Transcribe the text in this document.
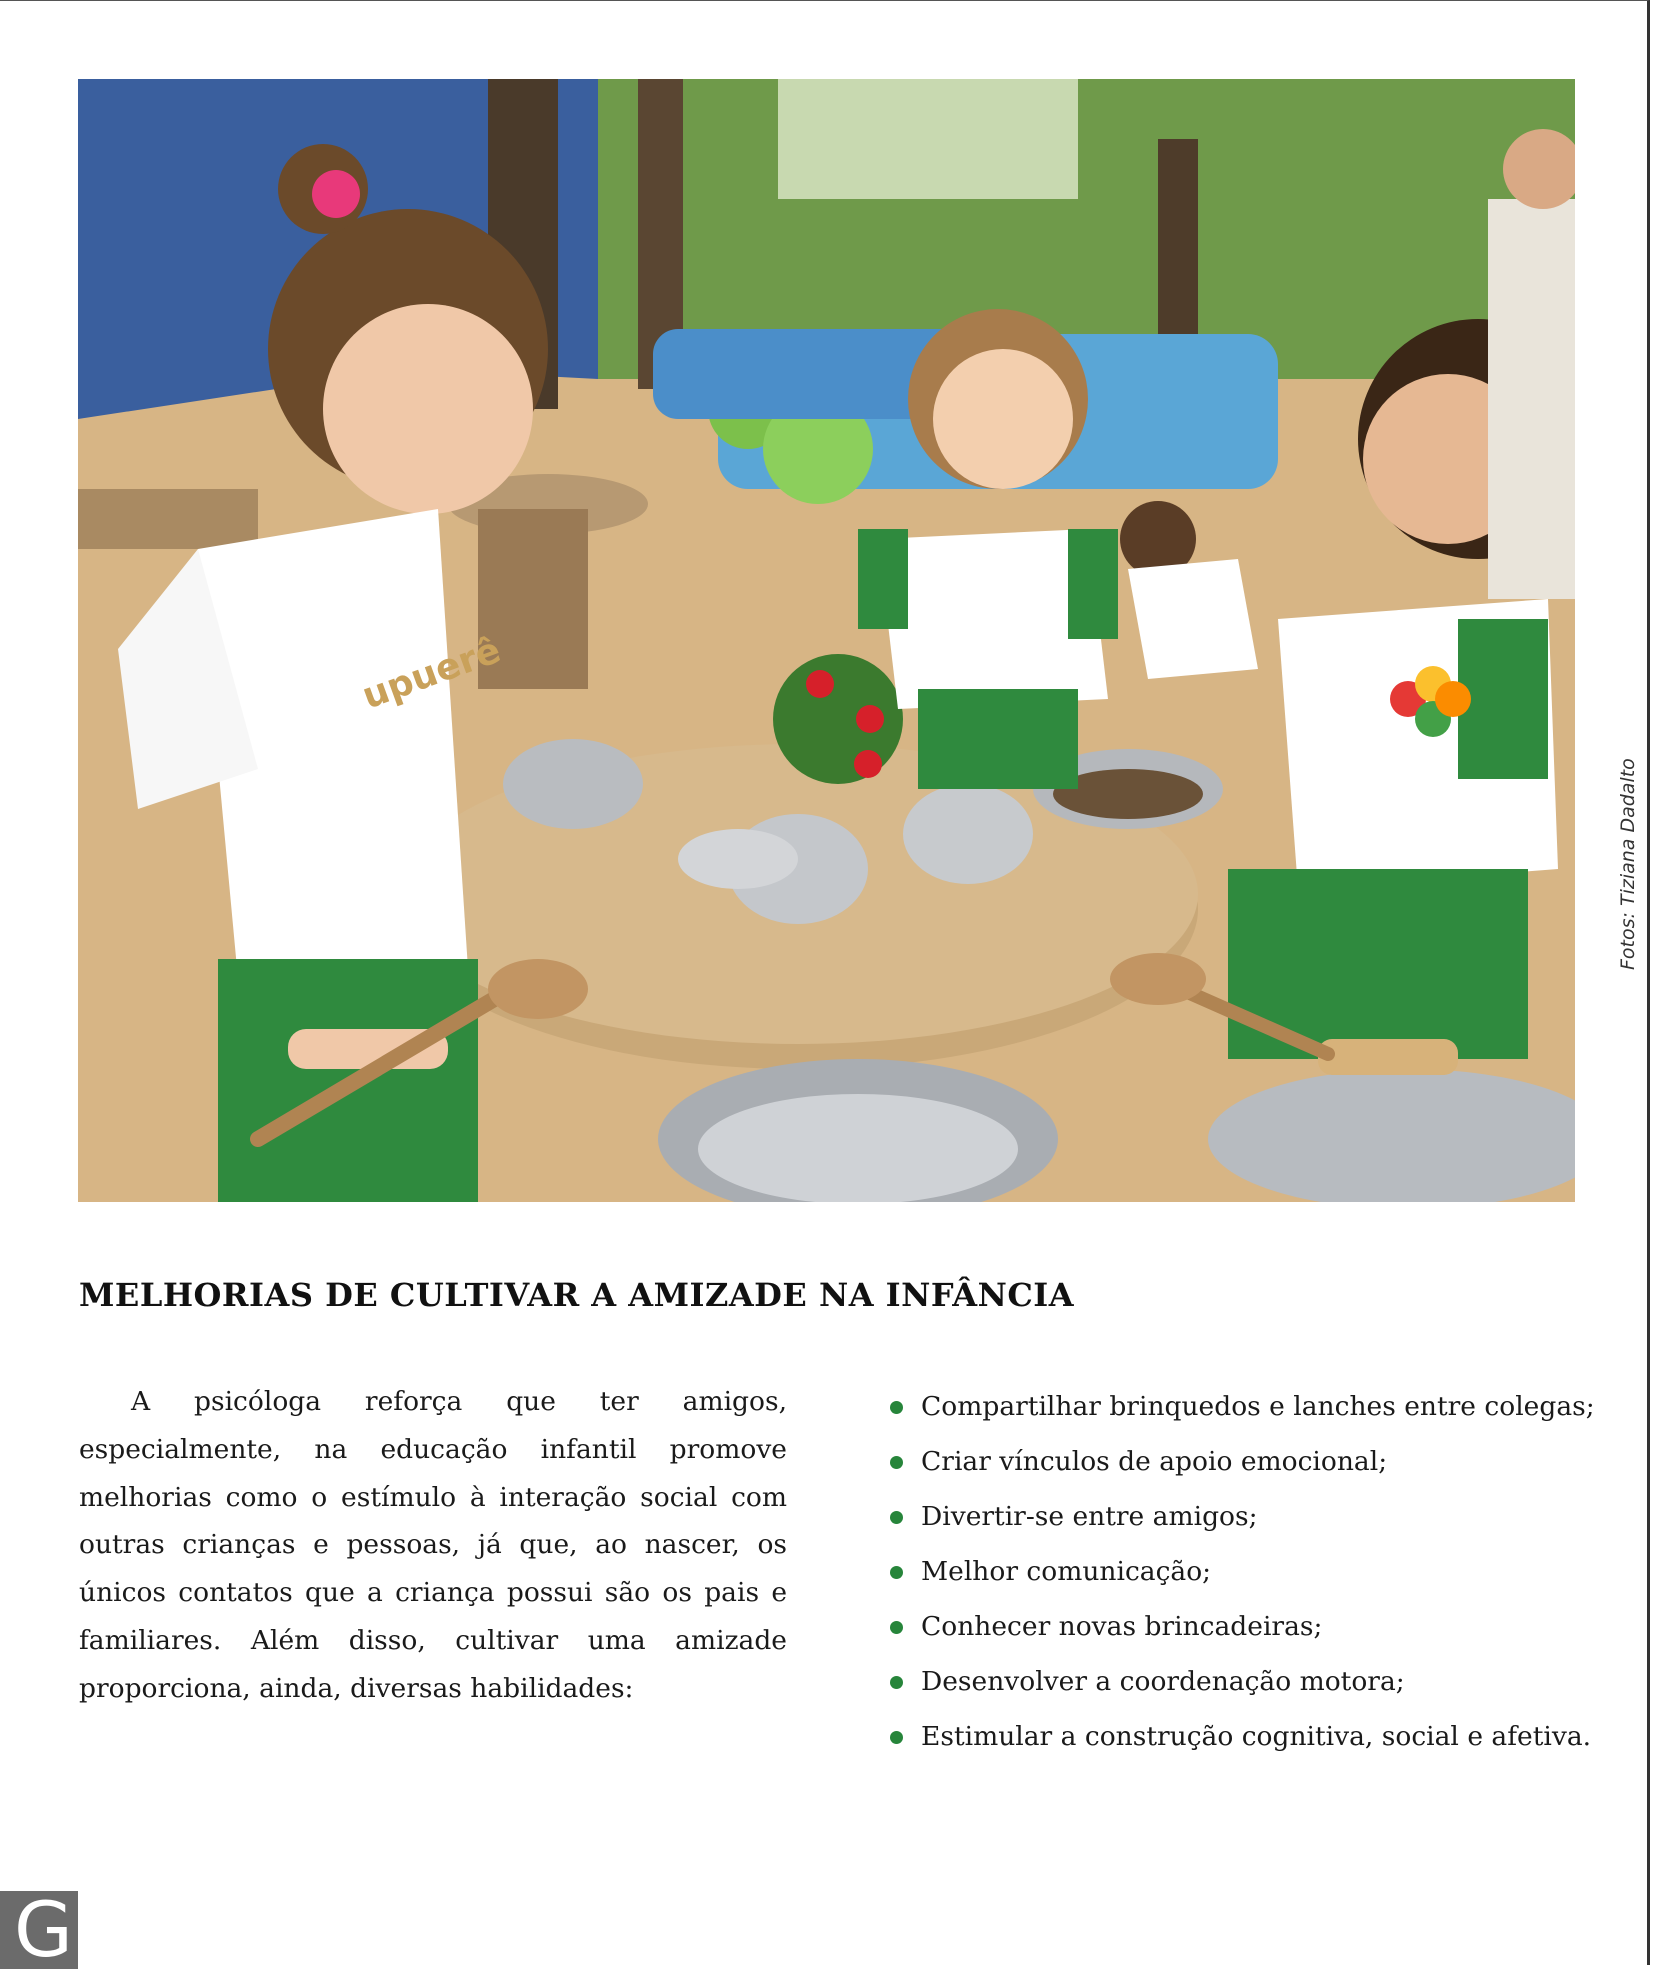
upuerê
Fotos: Tiziana Dadalto
MELHORIAS DE CULTIVAR A AMIZADE NA INFÂNCIA

A psicóloga reforça que ter amigos, especialmente, na educação infantil promove melhorias como o estímulo à interação social com outras crianças e pessoas, já que, ao nascer, os únicos contatos que a criança possui são os pais e familiares. Além disso, cultivar uma amizade proporciona, ainda, diversas habilidades:

Compartilhar brinquedos e lanches entre colegas;
Criar vínculos de apoio emocional;
Divertir-se entre amigos;
Melhor comunicação;
Conhecer novas brincadeiras;
Desenvolver a coordenação motora;
Estimular a construção cognitiva, social e afetiva.
G
